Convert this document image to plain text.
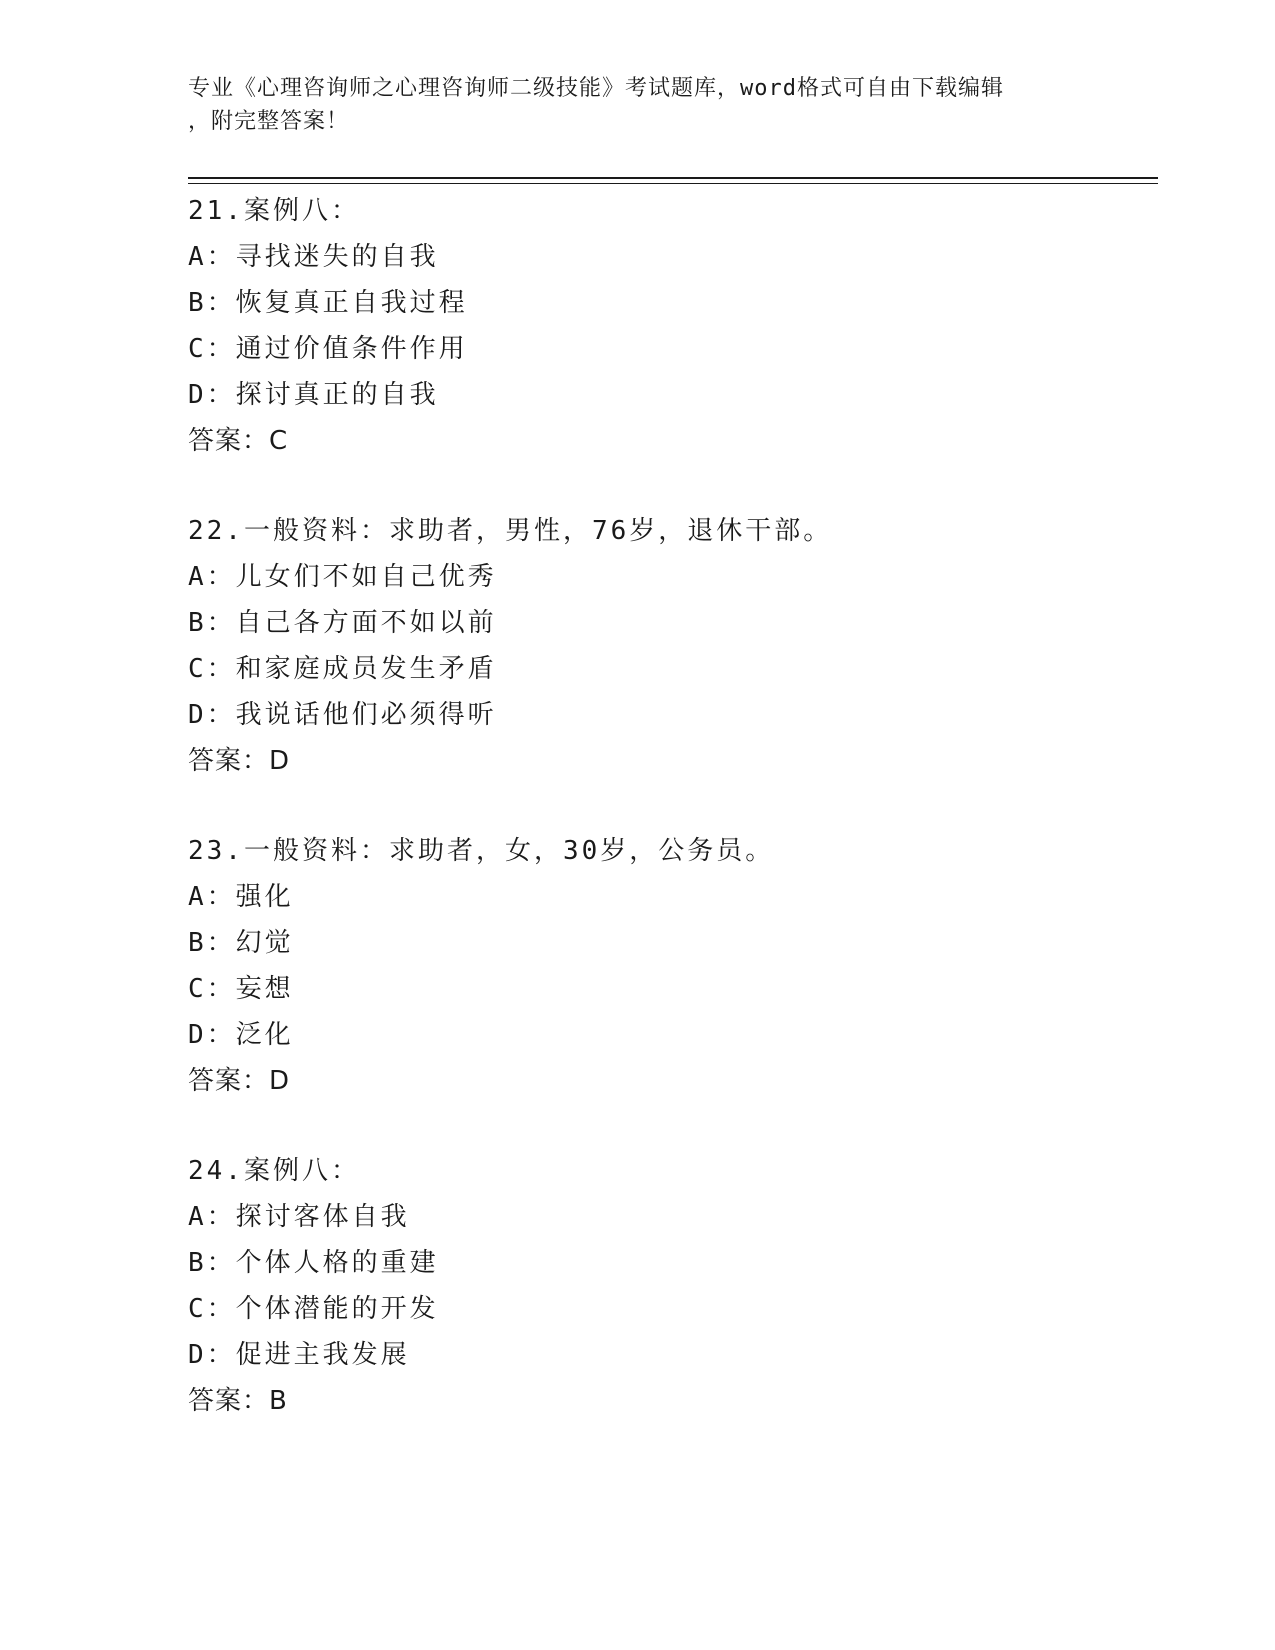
专业《心理咨询师之心理咨询师二级技能》考试题库，word格式可自由下载编辑
，附完整答案！
21.案例八：
A：寻找迷失的自我
B：恢复真正自我过程
C：通过价值条件作用
D：探讨真正的自我
答案：C
22.一般资料：求助者，男性，76岁，退休干部。
A：儿女们不如自己优秀
B：自己各方面不如以前
C：和家庭成员发生矛盾
D：我说话他们必须得听
答案：D
23.一般资料：求助者，女，30岁，公务员。
A：强化
B：幻觉
C：妄想
D：泛化
答案：D
24.案例八：
A：探讨客体自我
B：个体人格的重建
C：个体潜能的开发
D：促进主我发展
答案：B
